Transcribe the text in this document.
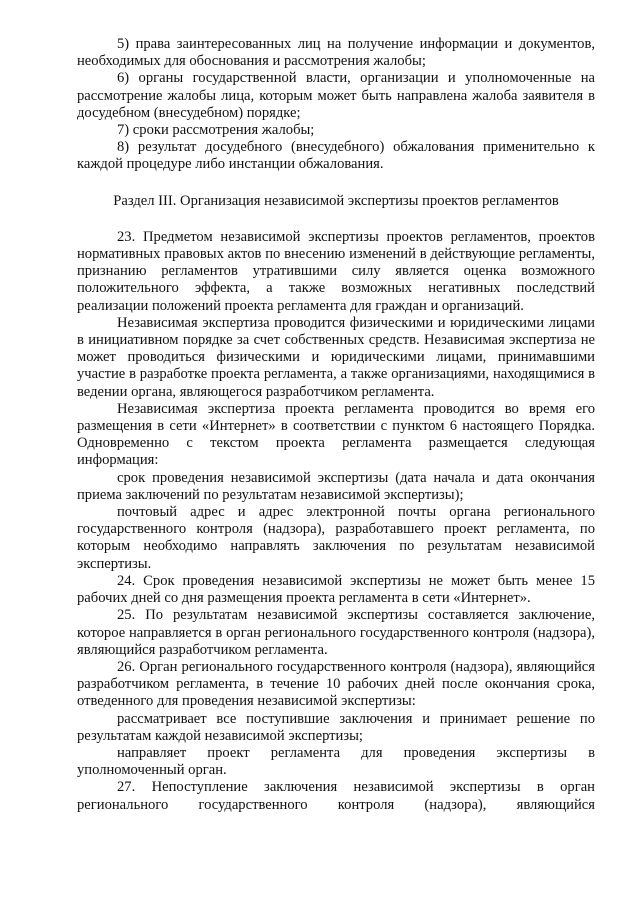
5) права заинтересованных лиц на получение информации и документов, необходимых для обоснования и рассмотрения жалобы;

6) органы государственной власти, организации и уполномоченные на рассмотрение жалобы лица, которым может быть направлена жалоба заявителя в досудебном (внесудебном) порядке;

7) сроки рассмотрения жалобы;

8) результат досудебного (внесудебного) обжалования применительно к каждой процедуре либо инстанции обжалования.

Раздел III. Организация независимой экспертизы проектов регламентов

23. Предметом независимой экспертизы проектов регламентов, проектов нормативных правовых актов по внесению изменений в действующие регламенты, признанию регламентов утратившими силу является оценка возможного положительного эффекта, а также возможных негативных последствий реализации положений проекта регламента для граждан и организаций.

Независимая экспертиза проводится физическими и юридическими лицами в инициативном порядке за счет собственных средств. Независимая экспертиза не может проводиться физическими и юридическими лицами, принимавшими участие в разработке проекта регламента, а также организациями, находящимися в ведении органа, являющегося разработчиком регламента.

Независимая экспертиза проекта регламента проводится во время его размещения в сети «Интернет» в соответствии с пунктом 6 настоящего Порядка. Одновременно с текстом проекта регламента размещается следующая информация:

срок проведения независимой экспертизы (дата начала и дата окончания приема заключений по результатам независимой экспертизы);

почтовый адрес и адрес электронной почты органа регионального государственного контроля (надзора), разработавшего проект регламента, по которым необходимо направлять заключения по результатам независимой экспертизы.

24. Срок проведения независимой экспертизы не может быть менее 15 рабочих дней со дня размещения проекта регламента в сети «Интернет».

25. По результатам независимой экспертизы составляется заключение, которое направляется в орган регионального государственного контроля (надзора), являющийся разработчиком регламента.

26. Орган регионального государственного контроля (надзора), являющийся разработчиком регламента, в течение 10 рабочих дней после окончания срока, отведенного для проведения независимой экспертизы:

рассматривает все поступившие заключения и принимает решение по результатам каждой независимой экспертизы;

направляет проект регламента для проведения экспертизы в уполномоченный орган.

27. Непоступление заключения независимой экспертизы в орган регионального государственного контроля (надзора), являющийся
